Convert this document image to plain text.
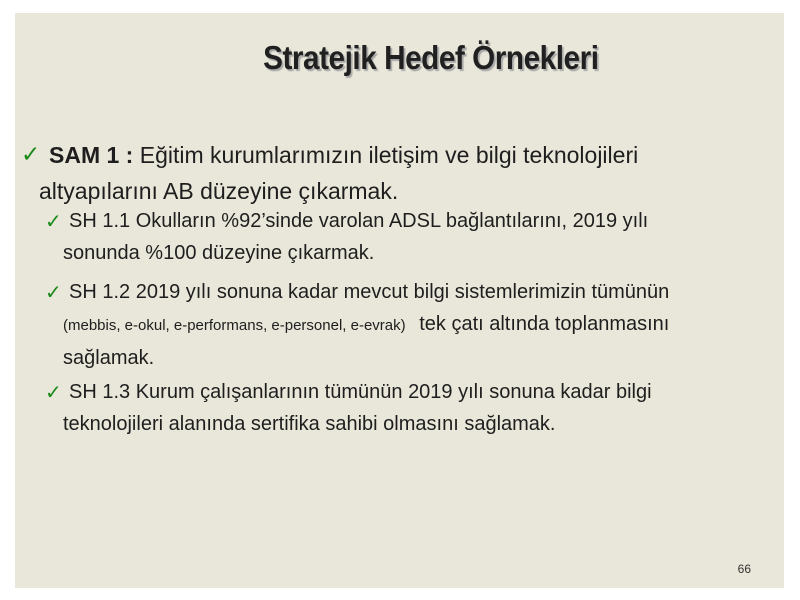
Stratejik Hedef Örnekleri
✓ SAM 1 : Eğitim kurumlarımızın iletişim ve bilgi teknolojileri
altyapılarını AB düzeyine çıkarmak.
✓ SH 1.1 Okulların %92’sinde varolan ADSL bağlantılarını, 2019 yılı
sonunda %100 düzeyine çıkarmak.
✓ SH 1.2 2019 yılı sonuna kadar mevcut bilgi sistemlerimizin tümünün
(mebbis, e-okul, e-performans, e-personel, e-evrak) tek çatı altında toplanmasını
sağlamak.
✓ SH 1.3 Kurum çalışanlarının tümünün 2019 yılı sonuna kadar bilgi
teknolojileri alanında sertifika sahibi olmasını sağlamak.
66
